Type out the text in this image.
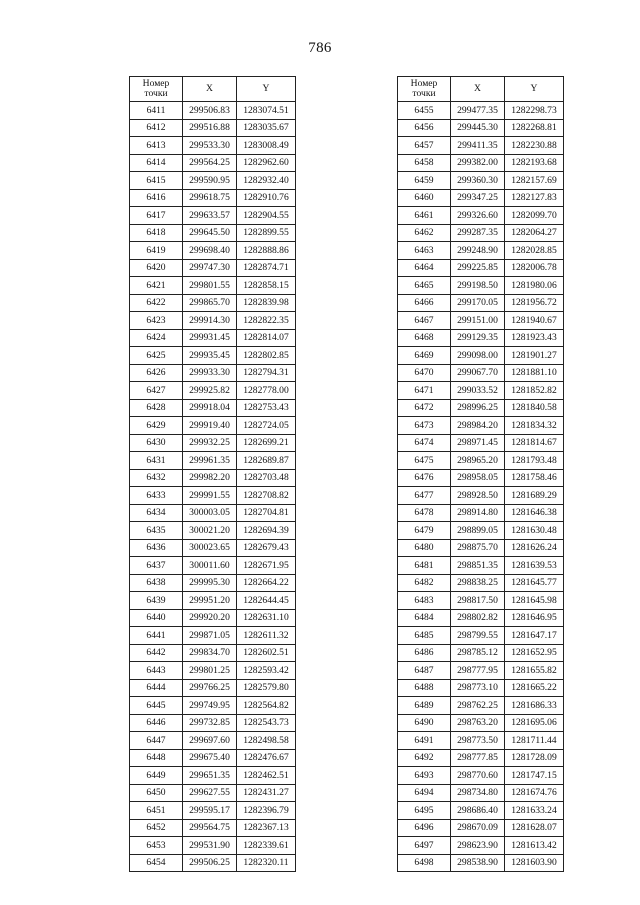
786
Номер
точки	X	Y
6411	299506.83	1283074.51
6412	299516.88	1283035.67
6413	299533.30	1283008.49
6414	299564.25	1282962.60
6415	299590.95	1282932.40
6416	299618.75	1282910.76
6417	299633.57	1282904.55
6418	299645.50	1282899.55
6419	299698.40	1282888.86
6420	299747.30	1282874.71
6421	299801.55	1282858.15
6422	299865.70	1282839.98
6423	299914.30	1282822.35
6424	299931.45	1282814.07
6425	299935.45	1282802.85
6426	299933.30	1282794.31
6427	299925.82	1282778.00
6428	299918.04	1282753.43
6429	299919.40	1282724.05
6430	299932.25	1282699.21
6431	299961.35	1282689.87
6432	299982.20	1282703.48
6433	299991.55	1282708.82
6434	300003.05	1282704.81
6435	300021.20	1282694.39
6436	300023.65	1282679.43
6437	300011.60	1282671.95
6438	299995.30	1282664.22
6439	299951.20	1282644.45
6440	299920.20	1282631.10
6441	299871.05	1282611.32
6442	299834.70	1282602.51
6443	299801.25	1282593.42
6444	299766.25	1282579.80
6445	299749.95	1282564.82
6446	299732.85	1282543.73
6447	299697.60	1282498.58
6448	299675.40	1282476.67
6449	299651.35	1282462.51
6450	299627.55	1282431.27
6451	299595.17	1282396.79
6452	299564.75	1282367.13
6453	299531.90	1282339.61
6454	299506.25	1282320.11
Номер
точки	X	Y
6455	299477.35	1282298.73
6456	299445.30	1282268.81
6457	299411.35	1282230.88
6458	299382.00	1282193.68
6459	299360.30	1282157.69
6460	299347.25	1282127.83
6461	299326.60	1282099.70
6462	299287.35	1282064.27
6463	299248.90	1282028.85
6464	299225.85	1282006.78
6465	299198.50	1281980.06
6466	299170.05	1281956.72
6467	299151.00	1281940.67
6468	299129.35	1281923.43
6469	299098.00	1281901.27
6470	299067.70	1281881.10
6471	299033.52	1281852.82
6472	298996.25	1281840.58
6473	298984.20	1281834.32
6474	298971.45	1281814.67
6475	298965.20	1281793.48
6476	298958.05	1281758.46
6477	298928.50	1281689.29
6478	298914.80	1281646.38
6479	298899.05	1281630.48
6480	298875.70	1281626.24
6481	298851.35	1281639.53
6482	298838.25	1281645.77
6483	298817.50	1281645.98
6484	298802.82	1281646.95
6485	298799.55	1281647.17
6486	298785.12	1281652.95
6487	298777.95	1281655.82
6488	298773.10	1281665.22
6489	298762.25	1281686.33
6490	298763.20	1281695.06
6491	298773.50	1281711.44
6492	298777.85	1281728.09
6493	298770.60	1281747.15
6494	298734.80	1281674.76
6495	298686.40	1281633.24
6496	298670.09	1281628.07
6497	298623.90	1281613.42
6498	298538.90	1281603.90
